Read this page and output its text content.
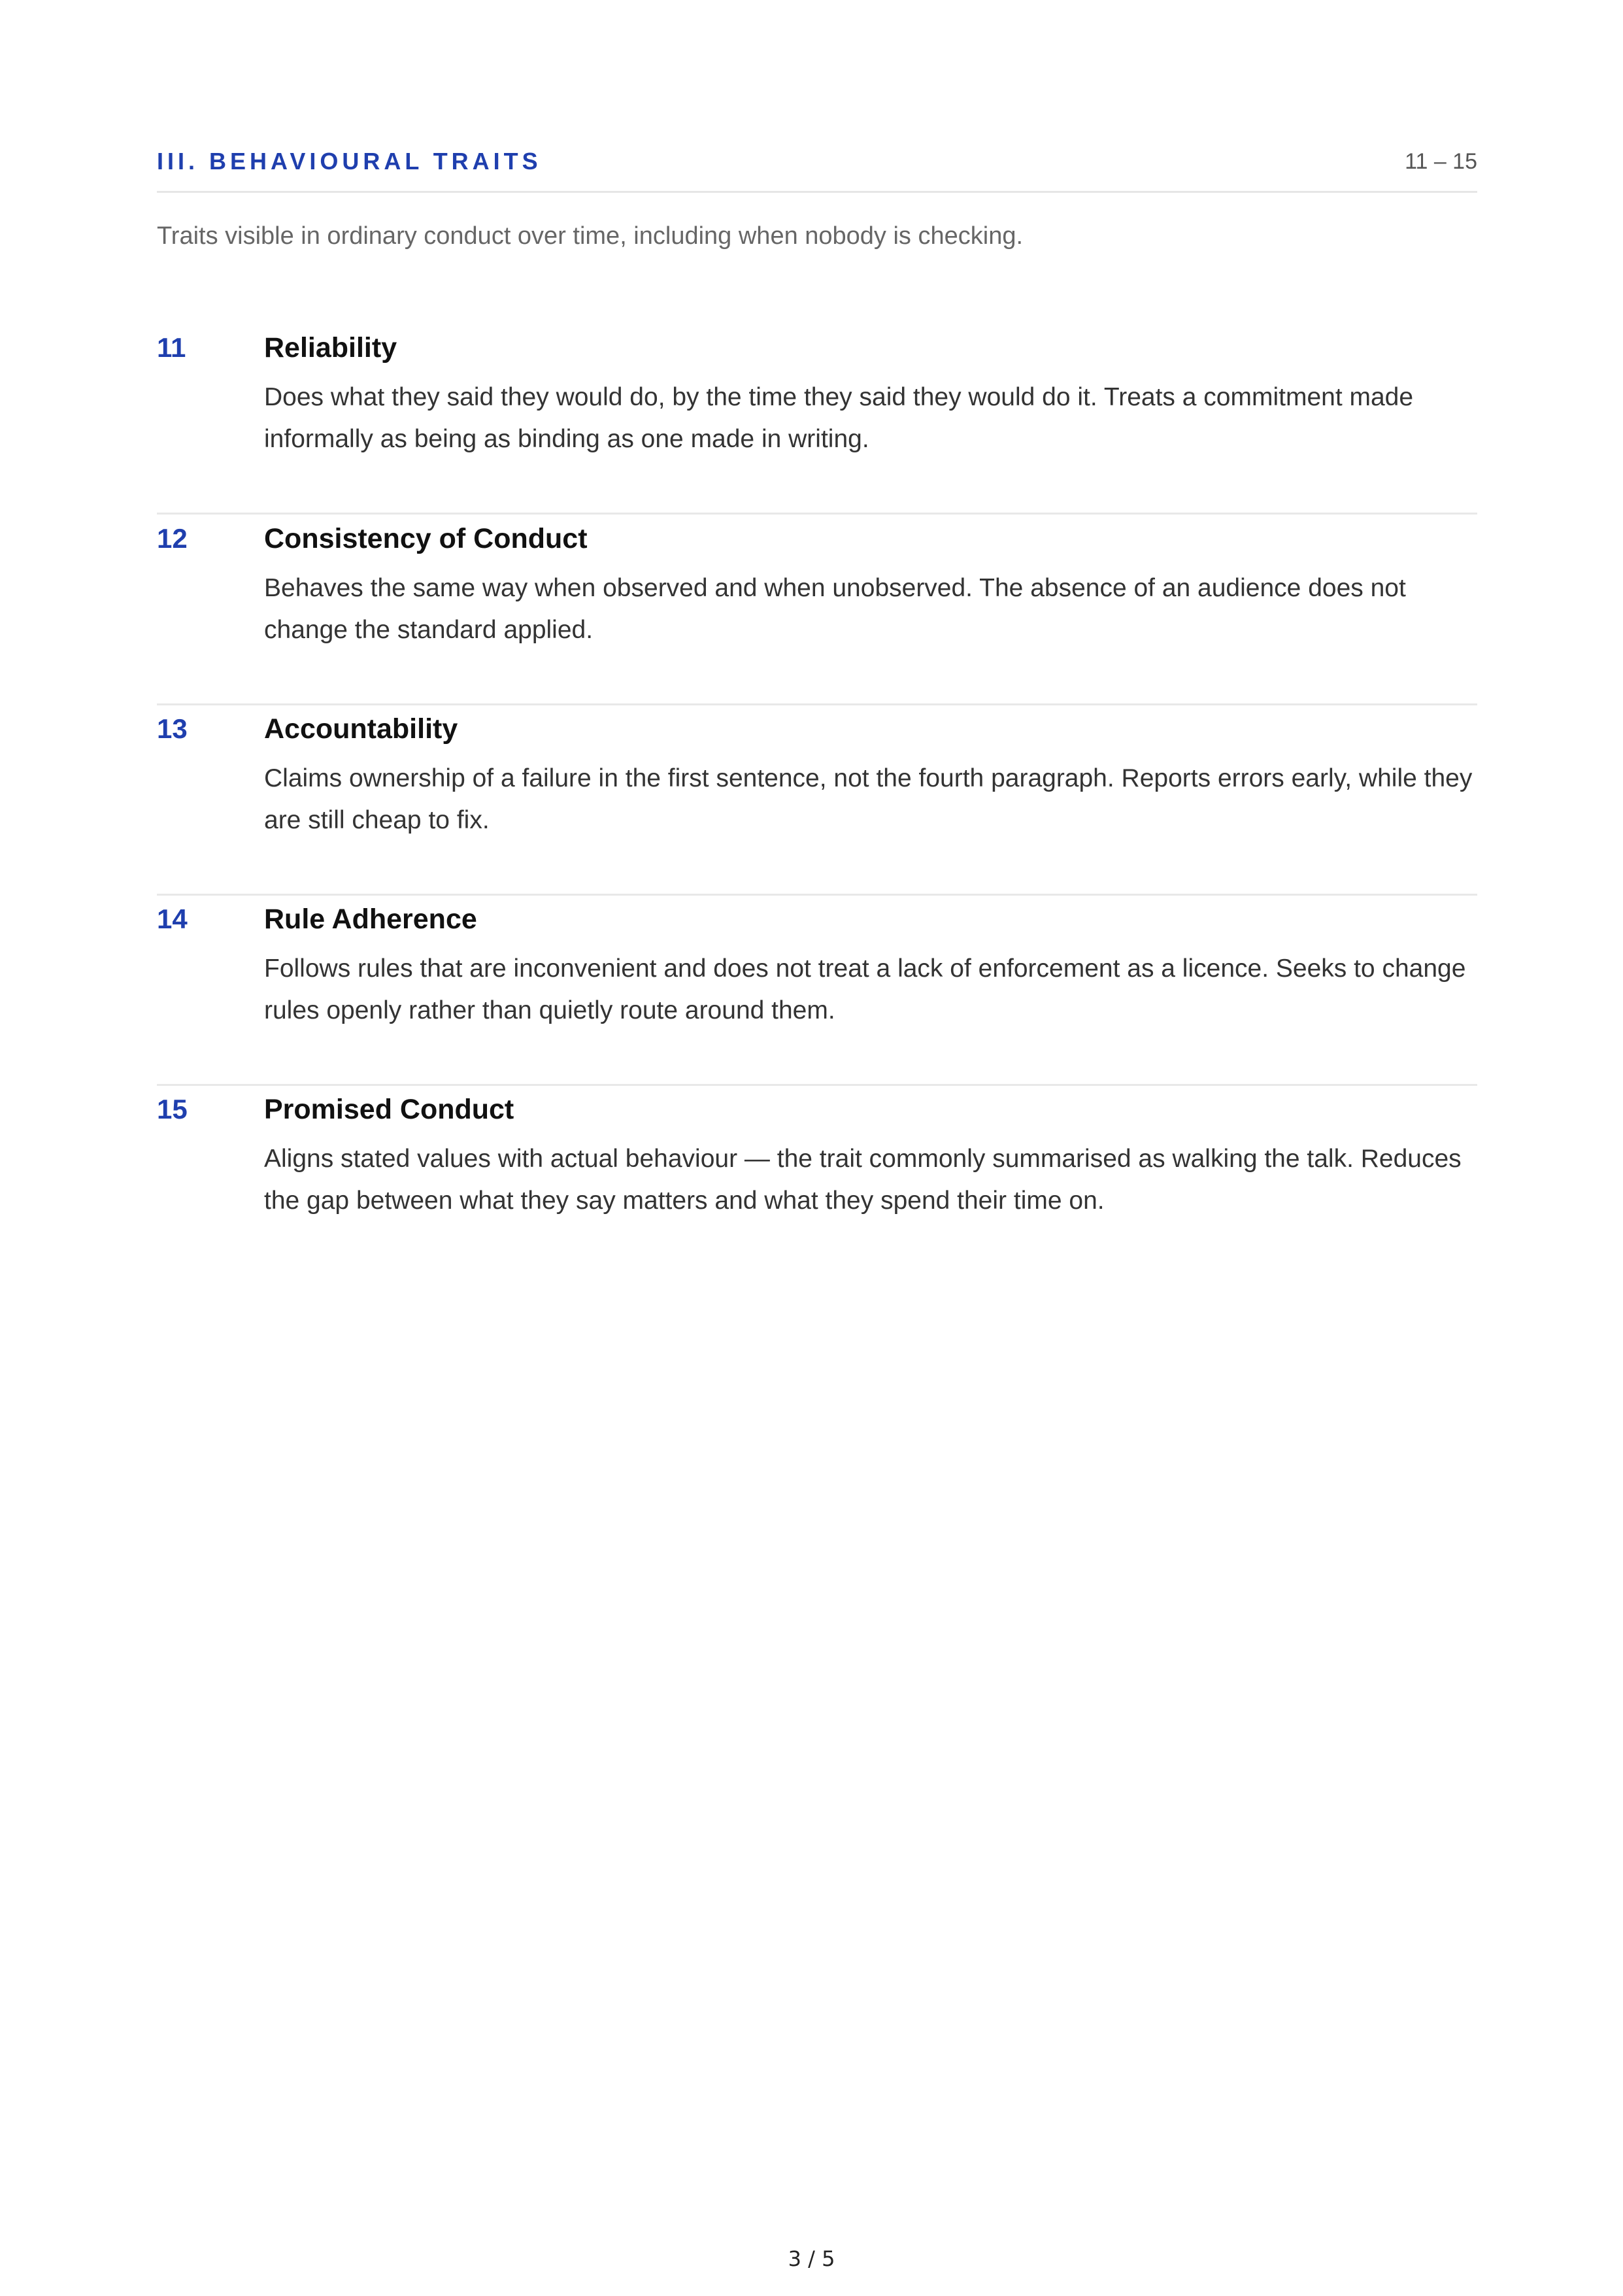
III. BEHAVIOURAL TRAITS	11 – 15
Traits visible in ordinary conduct over time, including when nobody is checking.
11	Reliability
Does what they said they would do, by the time they said they would do it. Treats a commitment made informally as being as binding as one made in writing.
12	Consistency of Conduct
Behaves the same way when observed and when unobserved. The absence of an audience does not change the standard applied.
13	Accountability
Claims ownership of a failure in the first sentence, not the fourth paragraph. Reports errors early, while they are still cheap to fix.
14	Rule Adherence
Follows rules that are inconvenient and does not treat a lack of enforcement as a licence. Seeks to change rules openly rather than quietly route around them.
15	Promised Conduct
Aligns stated values with actual behaviour — the trait commonly summarised as walking the talk. Reduces the gap between what they say matters and what they spend their time on.
3 / 5
